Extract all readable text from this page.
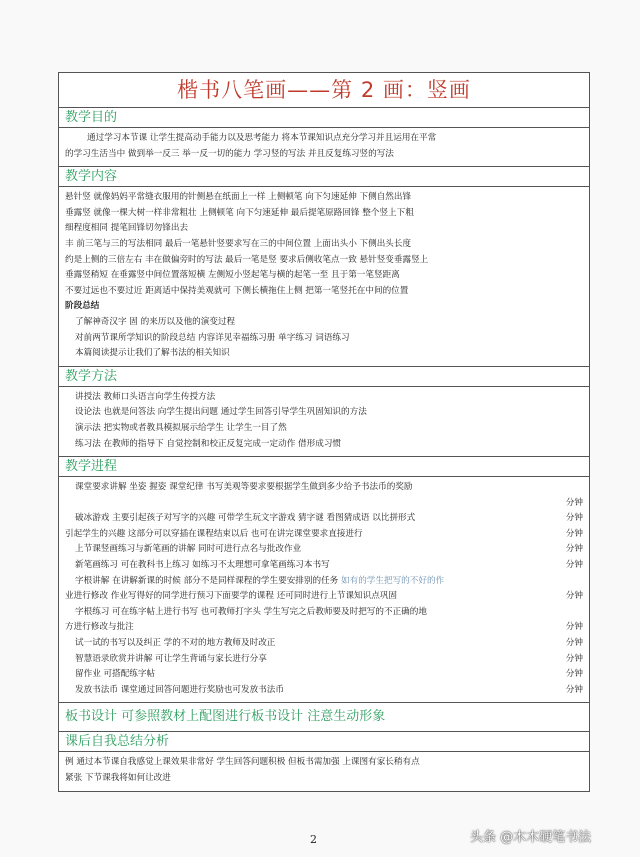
楷书八笔画——第 2 画：竖画
教学目的
通过学习本节课 让学生提高动手能力以及思考能力 将本节课知识点充分学习并且运用在平常
的学习生活当中 做到举一反三 举一反一切的能力 学习竖的写法 并且反复练习竖的写法
教学内容
悬针竖 就像妈妈平常缝衣服用的针侧悬在纸面上一样 上侧顿笔 向下匀速延伸 下侧自然出锋
垂露竖 就像一棵大树一样非常粗壮 上侧顿笔 向下匀速延伸 最后提笔原路回锋 整个竖上下粗
细程度相同 提笔回锋切勿锋出去
丰 前三笔与三的写法相同 最后一笔悬针竖要求写在三的中间位置 上面出头小 下侧出头长度
约是上侧的三倍左右 丰在做偏旁时的写法 最后一笔是竖 要求后侧收笔点一致 悬针竖变垂露竖上
垂露竖稍短 在垂露竖中间位置落短横 左侧短小竖起笔与横的起笔一至 且于第一笔竖距离
不要过远也不要过近 距离适中保持美观就可 下侧长横拖住上侧 把第一笔竖托在中间的位置
阶段总结
了解神奇汉字 固 的来历以及他的演变过程
对前两节课所学知识的阶段总结 内容详见幸福练习册 单字练习 词语练习
本篇阅读提示让我们了解书法的相关知识
教学方法
讲授法 教师口头语言向学生传授方法
设论法 也就是问答法 向学生提出问题 通过学生回答引导学生巩固知识的方法
演示法 把实物或者教具模拟展示给学生 让学生一目了然
练习法 在教师的指导下 自觉控制和校正反复完成一定动作 借形成习惯
教学进程
课堂要求讲解 坐姿 握姿 课堂纪律 书写美观等要求要根据学生做到多少给予书法币的奖励
分钟
破冰游戏 主要引起孩子对写字的兴趣 可带学生玩文字游戏 猜字谜 看图猜成语 以比拼形式	分钟
引起学生的兴趣 这部分可以穿插在课程结束以后 也可在讲完课堂要求直接进行	分钟
上节课竖画练习与新笔画的讲解 同时可进行点名与批改作业	分钟
新笔画练习 可在教科书上练习 如练习不太理想可拿笔画练习本书写	分钟
字根讲解 在讲解新课的时候 部分不是同样课程的学生要安排别的任务 如有的学生把写的不好的作
业进行修改 作业写得好的同学进行预习下面要学的课程 还可同时进行上节课知识点巩固	分钟
字根练习 可在练字帖上进行书写 也可教师打字头 学生写完之后教师要及时把写的不正确的地
方进行修改与批注	分钟
试一试的书写以及纠正 学的不对的地方教师及时改正	分钟
智慧语录欣赏并讲解 可让学生背诵与家长进行分享	分钟
留作业 可搭配练字帖	分钟
发放书法币 课堂通过回答问题进行奖励也可发放书法币	分钟
板书设计 可参照教材上配图进行板书设计 注意生动形象
课后自我总结分析
例 通过本节课自我感觉上课效果非常好 学生回答问题积极 但板书需加强 上课图有家长稍有点
紧张 下节课我将如何让改进
2	头条 @木木硬笔书法
